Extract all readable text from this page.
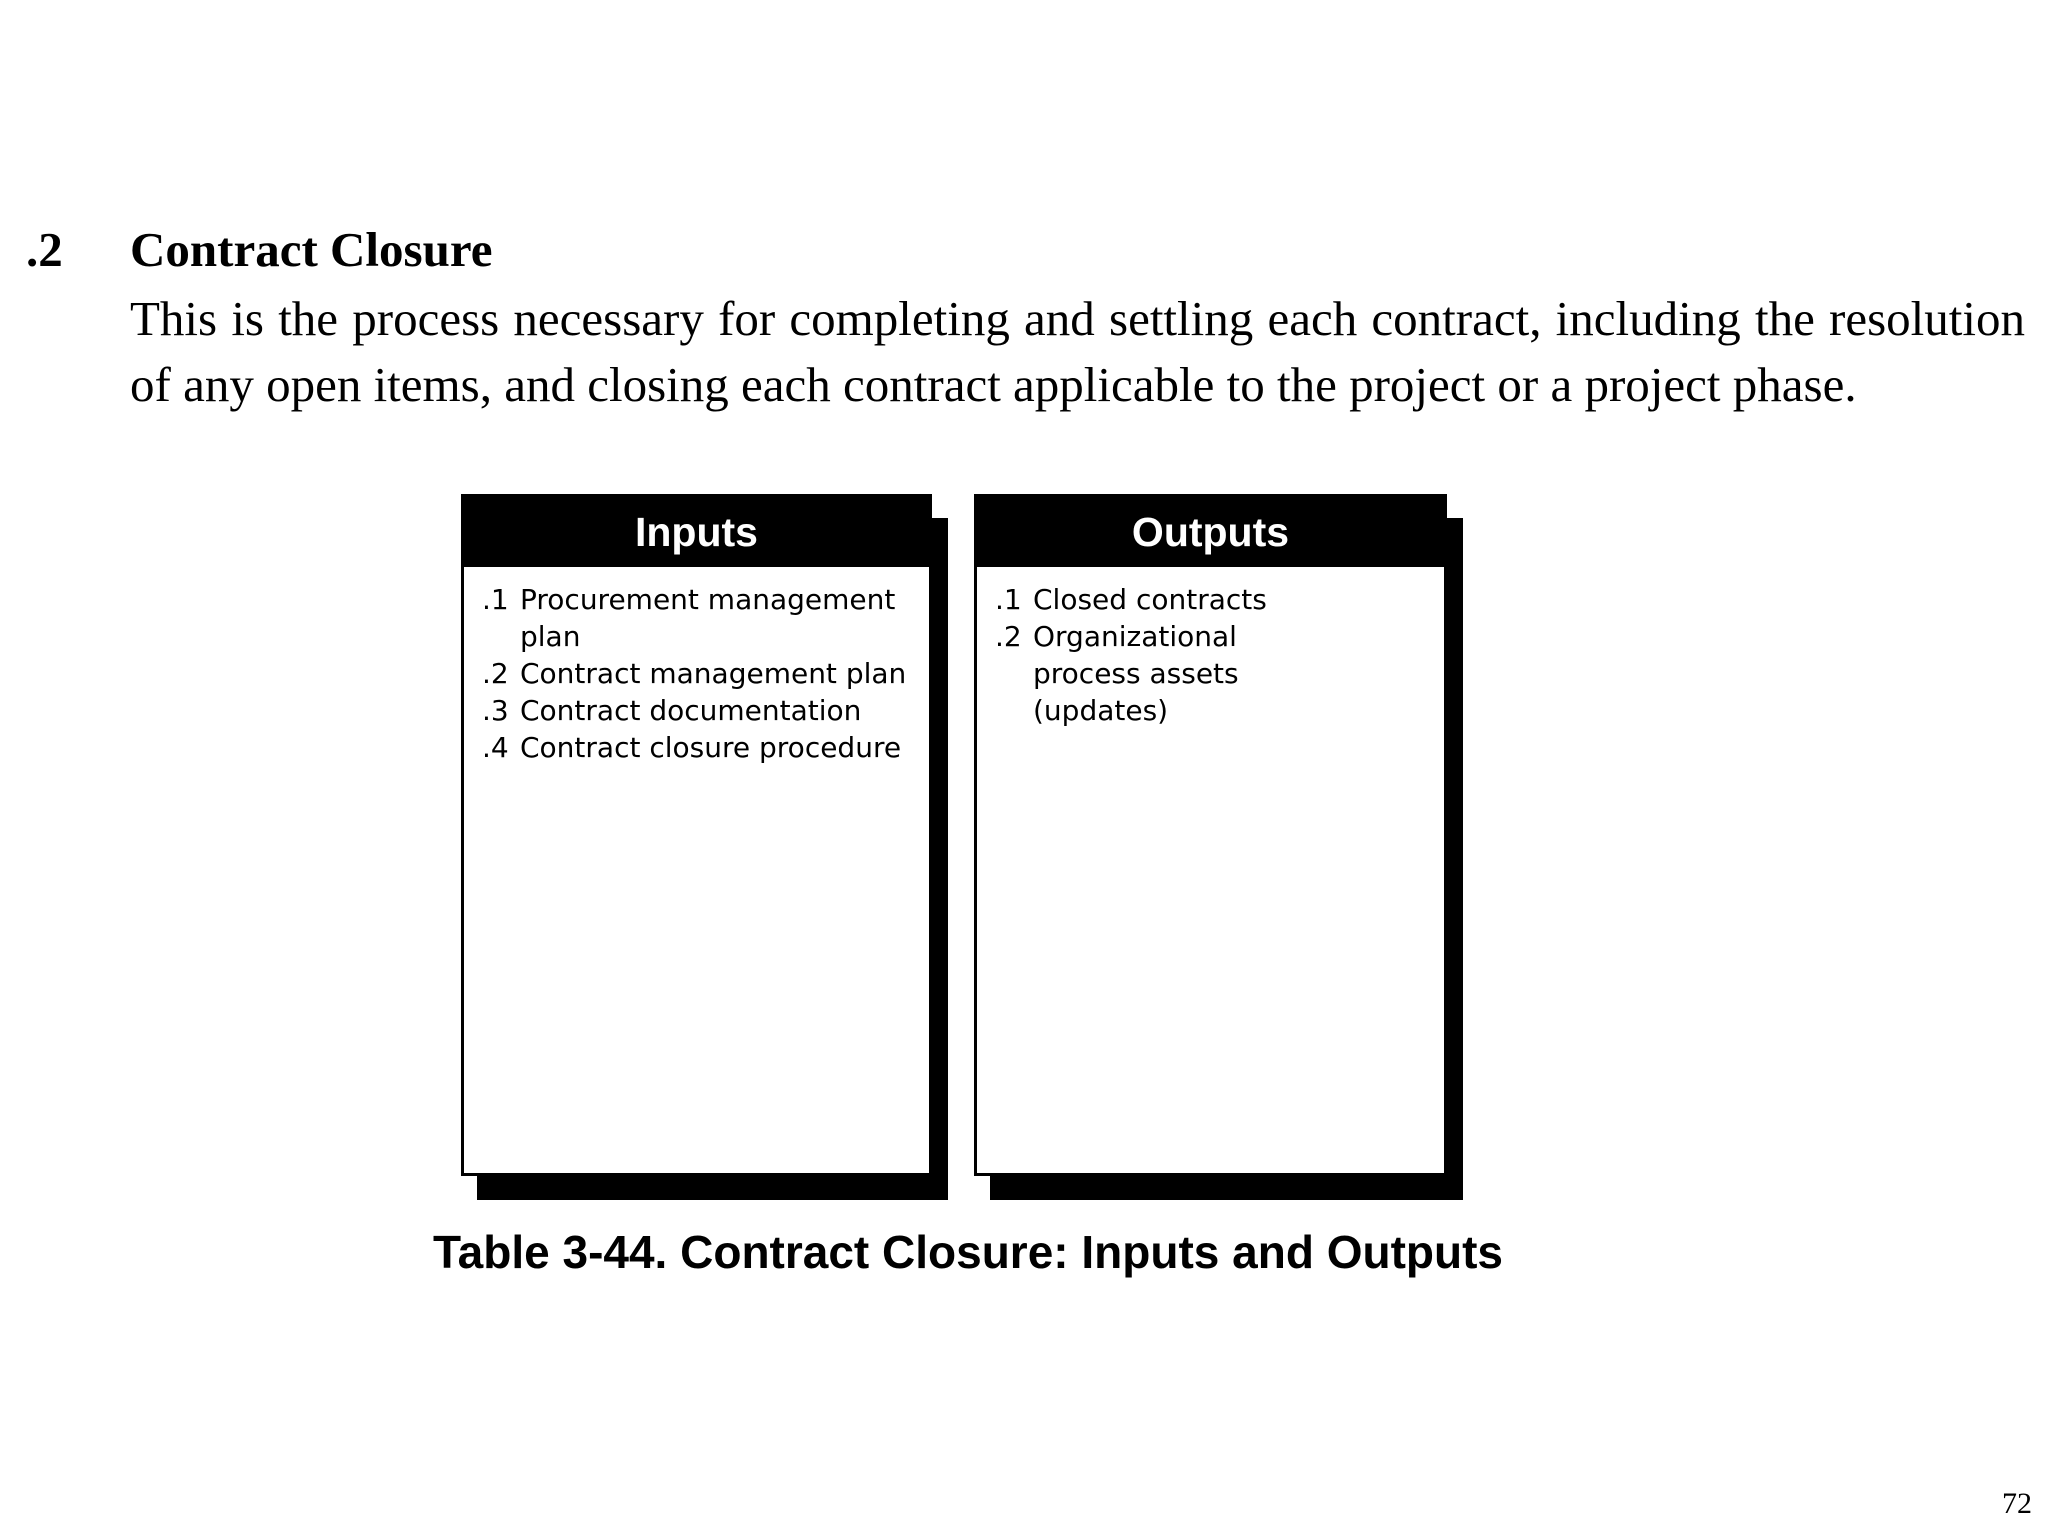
.2 Contract Closure

This is the process necessary for completing and settling each contract, including the resolution of any open items, and closing each contract applicable to the project or a project phase.

Inputs
.1 Procurement management plan
.2 Contract management plan
.3 Contract documentation
.4 Contract closure procedure
Outputs
.1 Closed contracts
.2 Organizational process assets  (updates)
Table 3-44. Contract Closure: Inputs and Outputs
72
